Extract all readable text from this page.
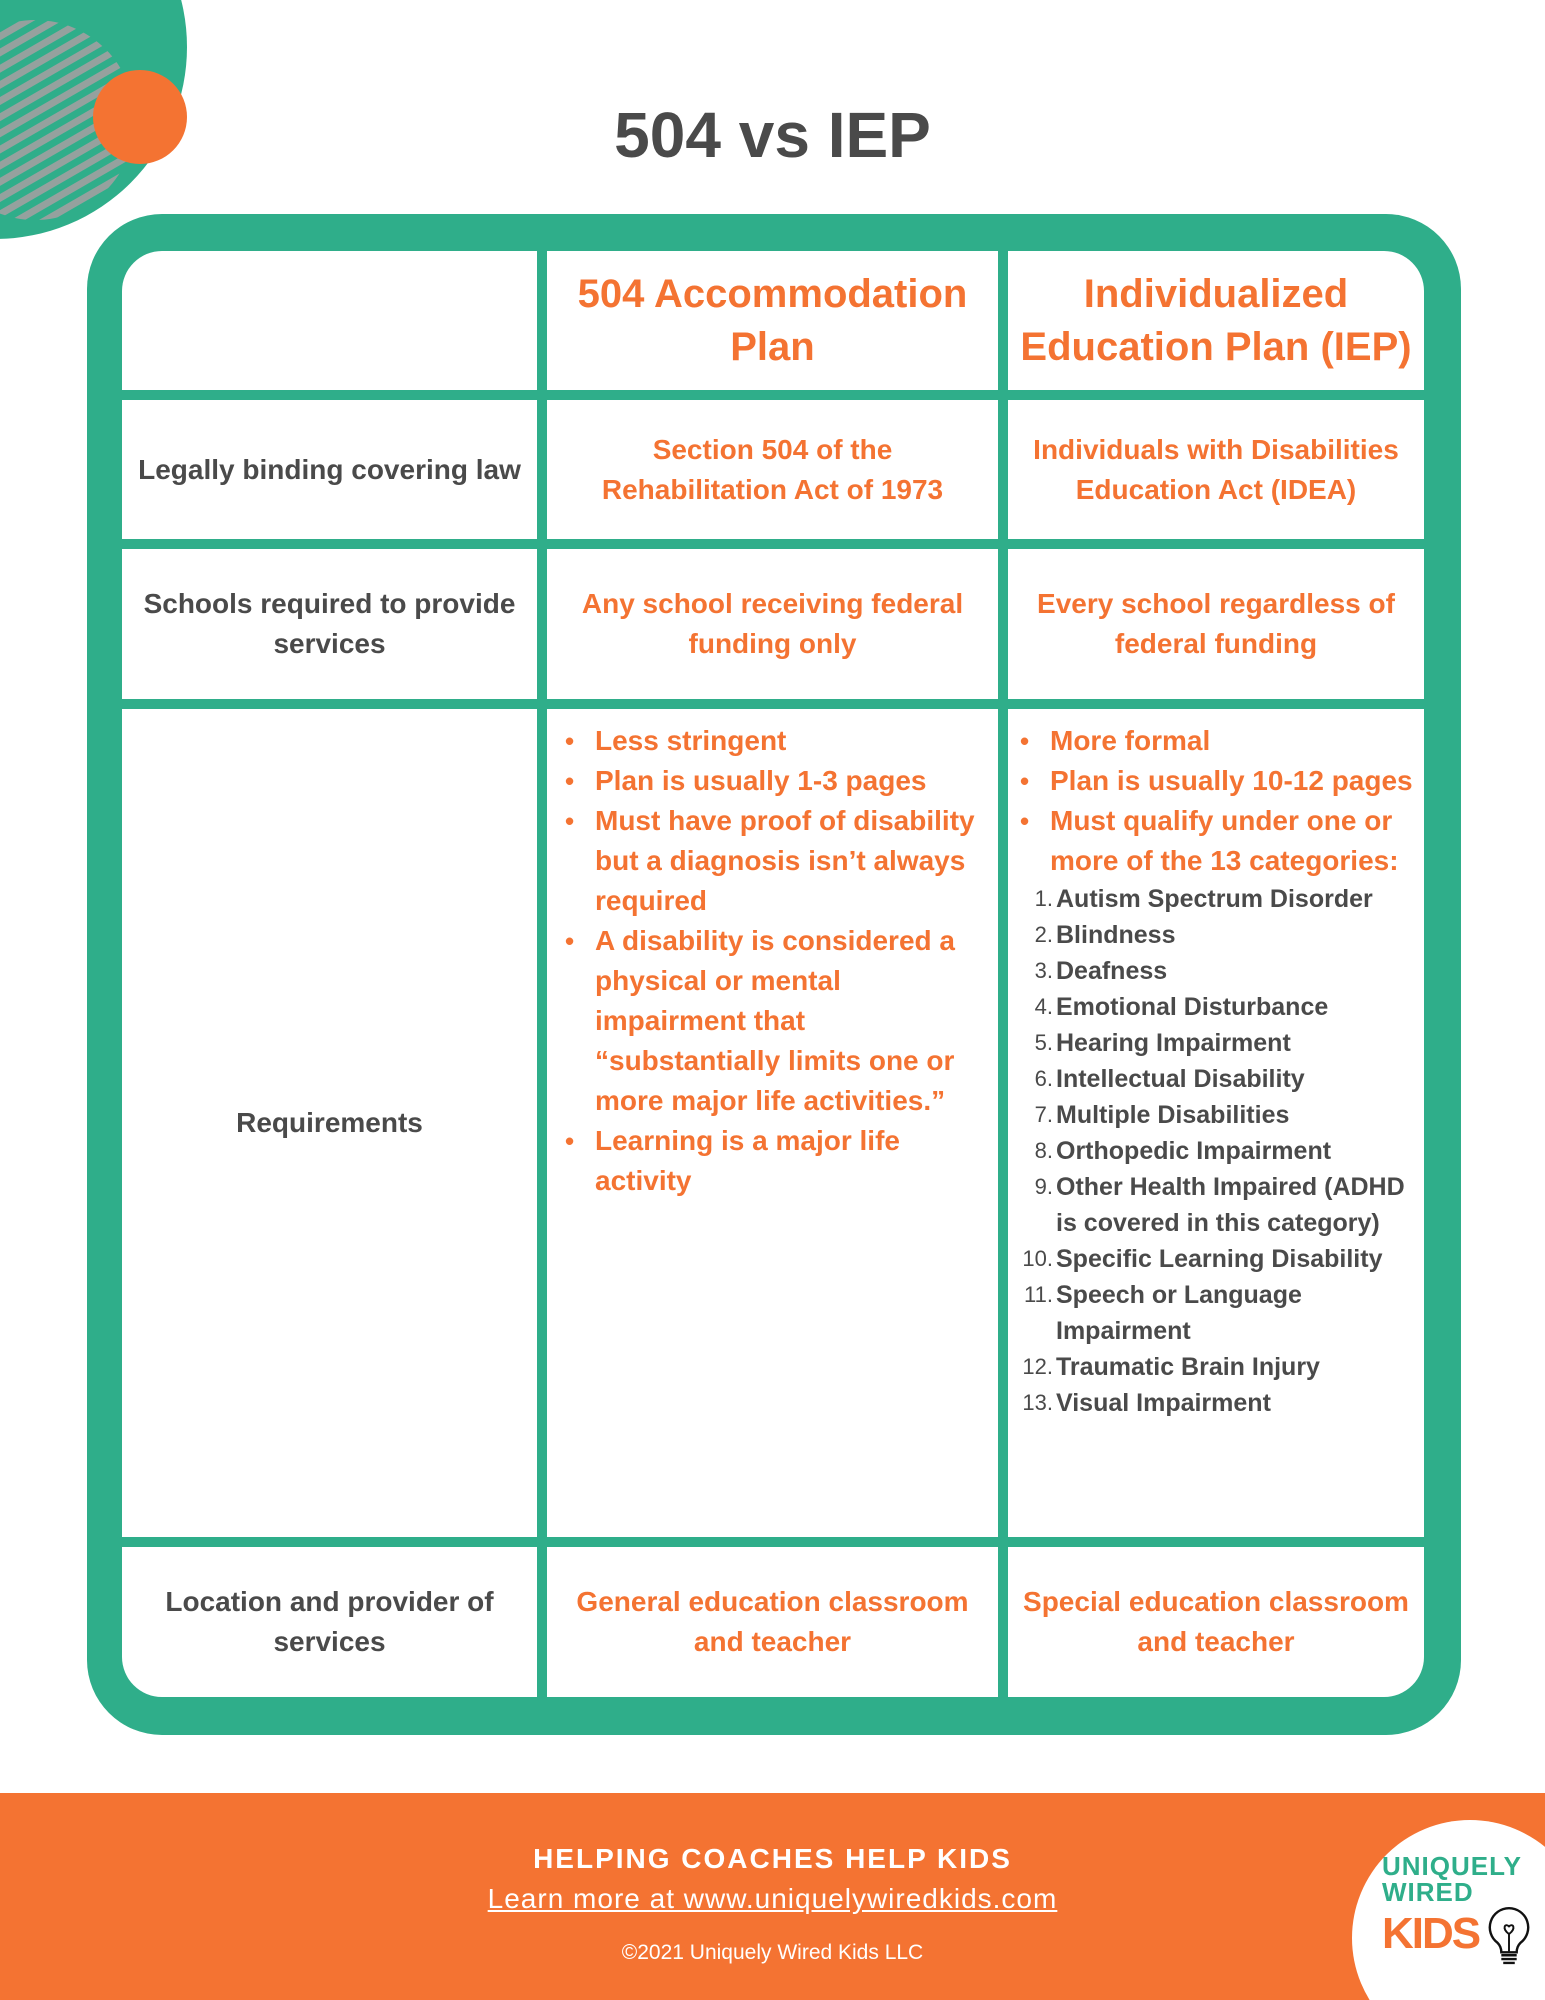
504 vs IEP
504 Accommodation Plan
Individualized Education Plan (IEP)
Legally binding covering law
Section 504 of the Rehabilitation Act of 1973
Individuals with Disabilities Education Act (IDEA)
Schools required to provide services
Any school receiving federal funding only
Every school regardless of federal funding
Requirements
• Less stringent
• Plan is usually 1-3 pages
• Must have proof of disability but a diagnosis isn’t always required
• A disability is considered a physical or mental impairment that “substantially limits one or more major life activities.”
• Learning is a major life activity
• More formal
• Plan is usually 10-12 pages
• Must qualify under one or more of the 13 categories:
1. Autism Spectrum Disorder
2. Blindness
3. Deafness
4. Emotional Disturbance
5. Hearing Impairment
6. Intellectual Disability
7. Multiple Disabilities
8. Orthopedic Impairment
9. Other Health Impaired (ADHD is covered in this category)
10. Specific Learning Disability
11. Speech or Language Impairment
12. Traumatic Brain Injury
13. Visual Impairment
Location and provider of services
General education classroom and teacher
Special education classroom and teacher
HELPING COACHES HELP KIDS
Learn more at www.uniquelywiredkids.com
©2021 Uniquely Wired Kids LLC
UNIQUELY
WIRED
KIDS
